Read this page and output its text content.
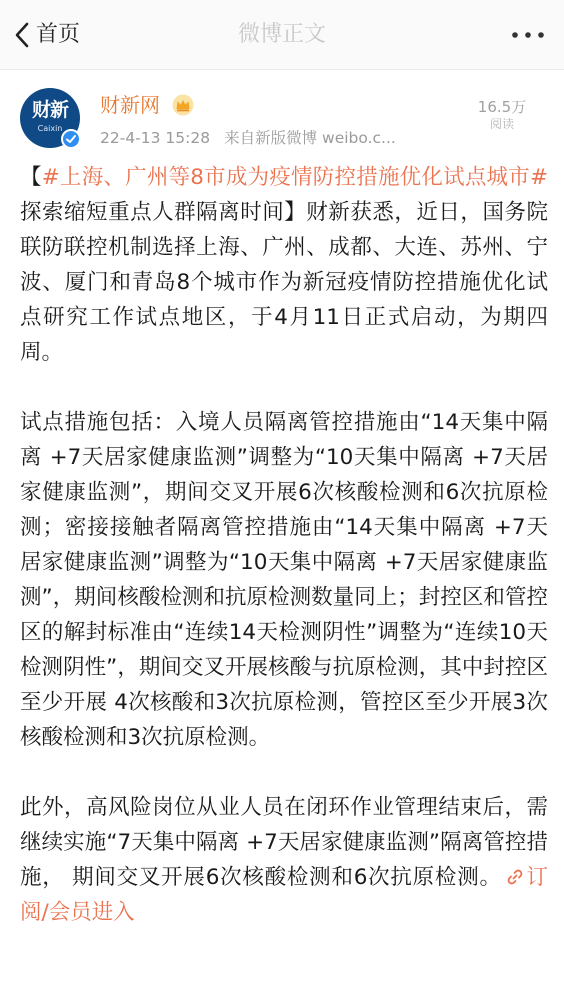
首页	微博正文
财新
Caixin
财新网
22-4-13 15:28 来自新版微博 weibo.c...
16.5万
阅读

【#上海、广州等8市成为疫情防控措施优化试点城市# 探索缩短重点人群隔离时间】财新获悉，近日，国务院联防联控机制选择上海、广州、成都、大连、苏州、宁波、厦门和青岛8个城市作为新冠疫情防控措施优化试点研究工作试点地区，于4月11日正式启动，为期四周。

试点措施包括：入境人员隔离管控措施由“14天集中隔离 +7天居家健康监测”调整为“10天集中隔离 +7天居家健康监测”，期间交叉开展6次核酸检测和6次抗原检测；密接接触者隔离管控措施由“14天集中隔离 +7天居家健康监测”调整为“10天集中隔离 +7天居家健康监测”，期间核酸检测和抗原检测数量同上；封控区和管控区的解封标准由“连续14天检测阴性”调整为“连续10天检测阴性”，期间交叉开展核酸与抗原检测，其中封控区至少开展 4次核酸和3次抗原检测，管控区至少开展3次核酸检测和3次抗原检测。

此外，高风险岗位从业人员在闭环作业管理结束后，需继续实施“7天集中隔离 +7天居家健康监测”隔离管控措施， 期间交叉开展6次核酸检测和6次抗原检测。 订阅/会员进入
